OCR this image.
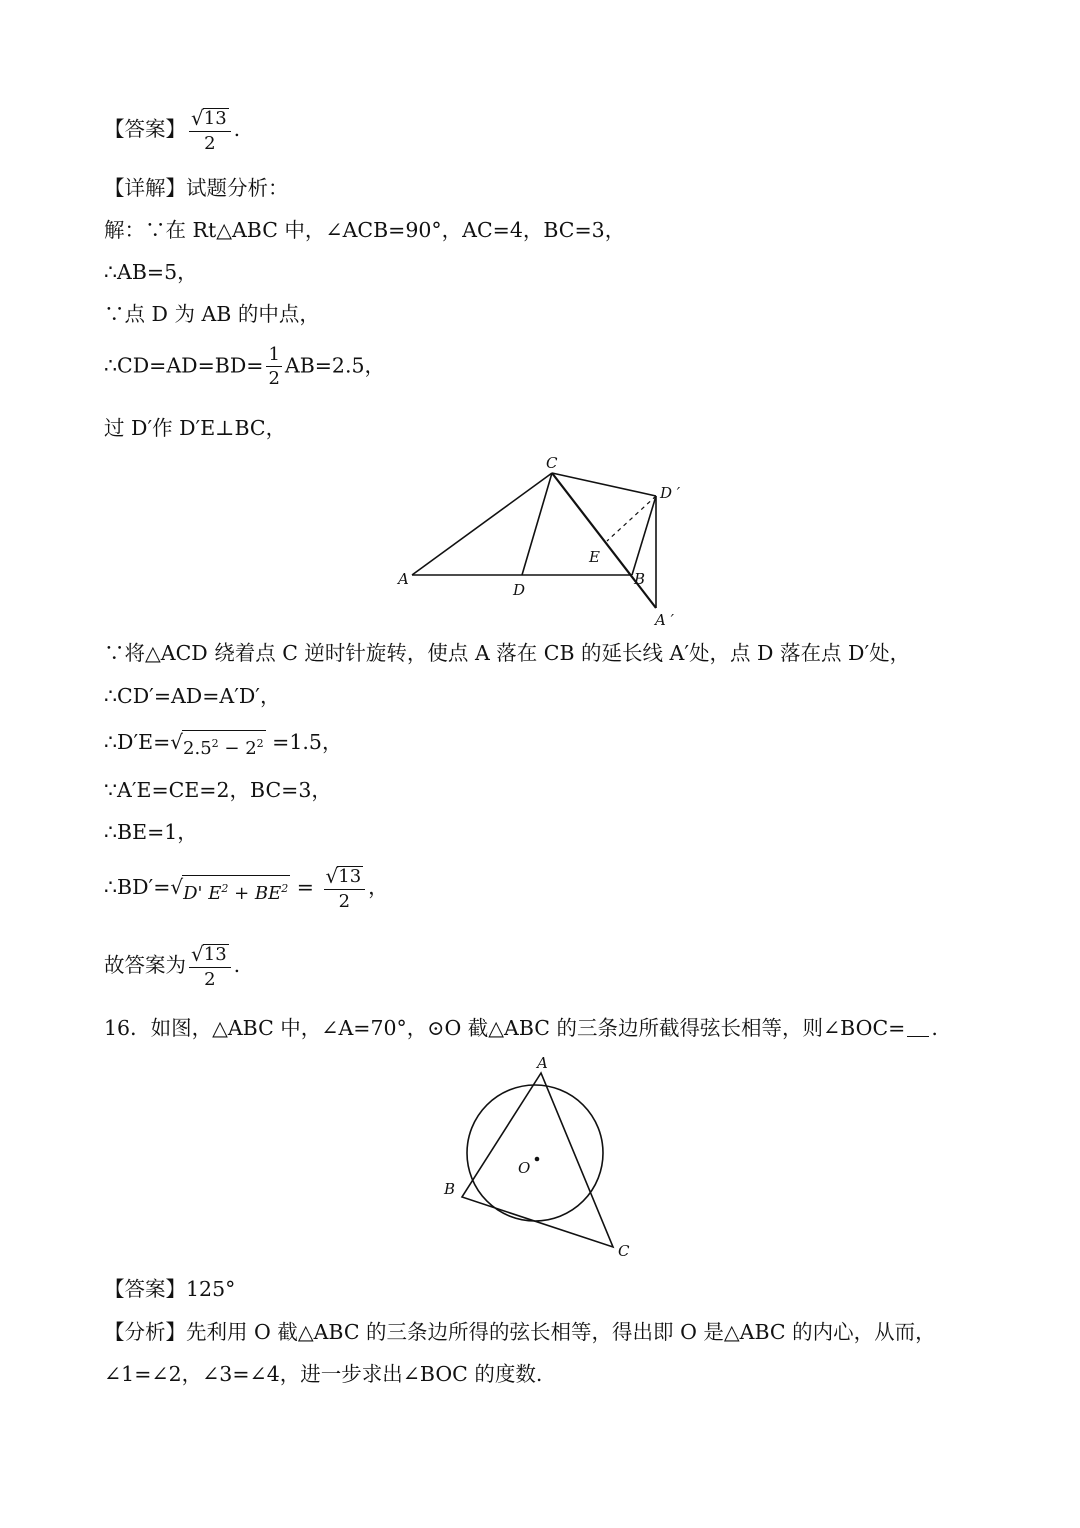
【答案】 $\frac{√ 13}{2}$ .
【详解】试题分析：
解：∵在 Rt△ABC 中，∠ACB=90°，AC=4，BC=3，
∴AB=5，
∵点 D 为 AB 的中点，
∴CD=AD=BD= $\frac{1}{2} AB=2.5$，
过 D′作 D′E⊥BC，
C
D ′
A
D
E
B
A ′
∵将△ACD 绕着点 C 逆时针旋转，使点 A 落在 CB 的延长线 A′处，点 D 落在点 D′处，
∴CD′=AD=A′D′，
∴D′E= √ $2.5^2 - 2^2 =1.5$，
∵A′E=CE=2，BC=3，
∴BE=1，
∴BD′= √ D' $E^2 + BE^2 = \frac{√ 13}{2}$ ，
故答案为 $\frac{√ 13}{2}$ .
16．如图，△ABC 中，∠A=70°，⊙O 截△ABC 的三条边所截得弦长相等，则∠BOC= .
A
B
C
O
【答案】125°
【分析】先利用 O 截△ABC 的三条边所得的弦长相等，得出即 O 是△ABC 的内心，从而，
∠1=∠2，∠3=∠4，进一步求出∠BOC 的度数.
